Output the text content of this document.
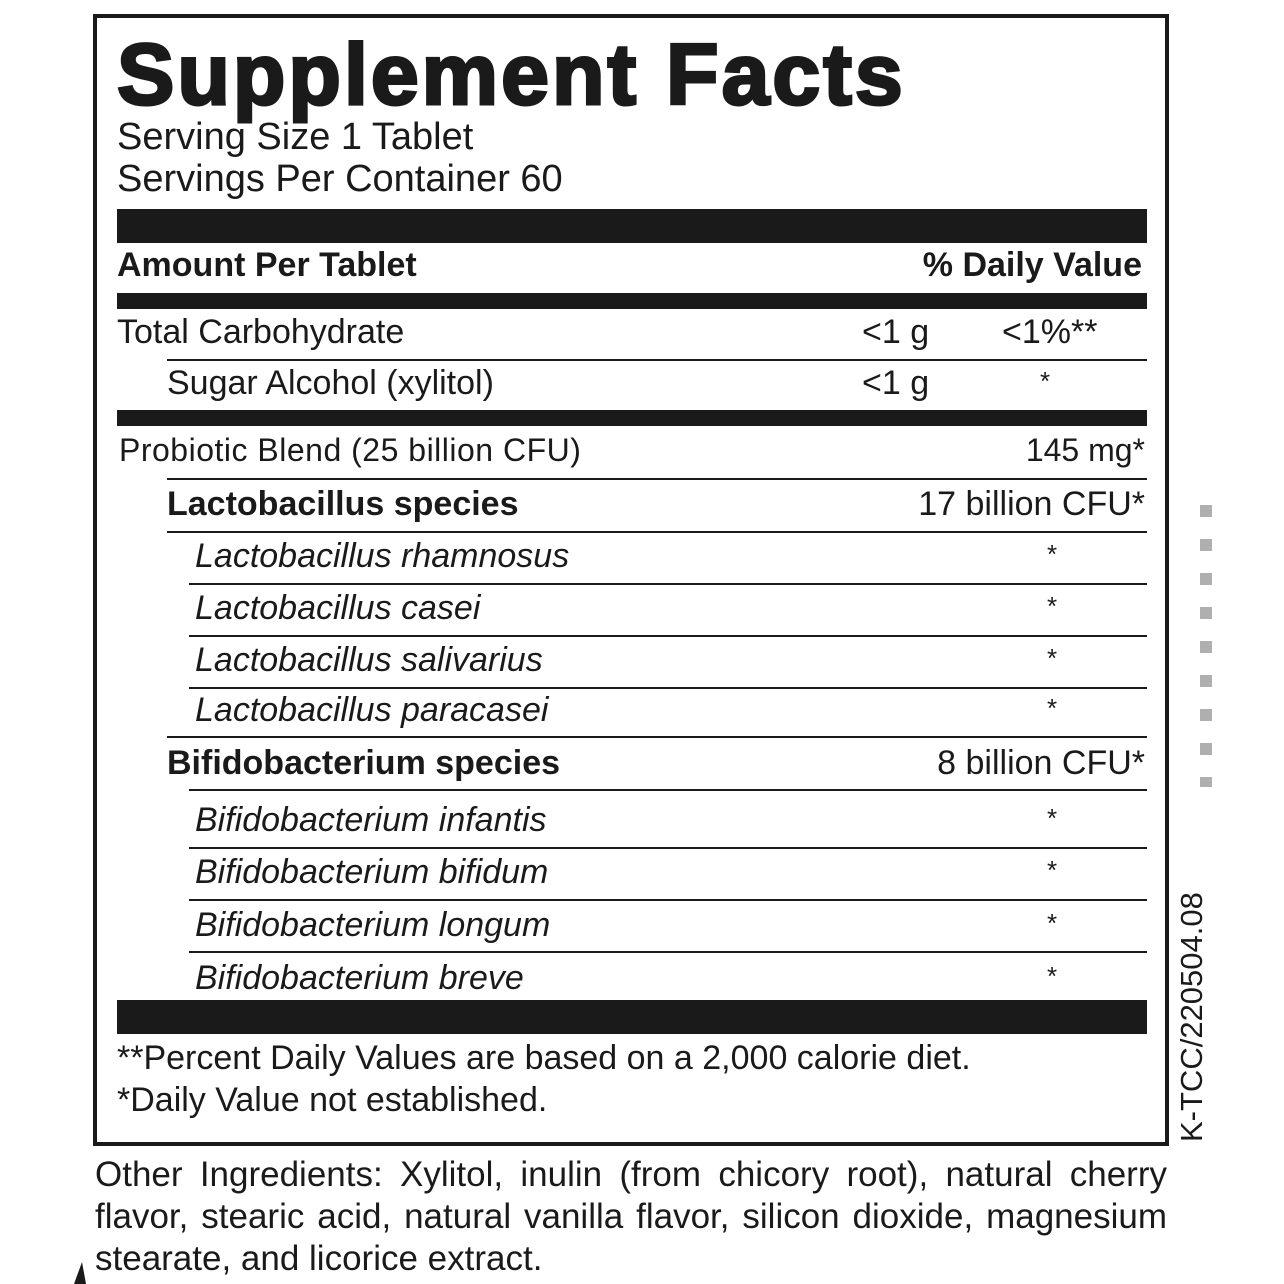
Supplement Facts
Serving Size 1 Tablet
Servings Per Container 60
Amount Per Tablet	% Daily Value
Total Carbohydrate	<1 g <1%**
Sugar Alcohol (xylitol)	<1 g	*
Probiotic Blend (25 billion CFU)	145 mg*
Lactobacillus species	17 billion CFU*
Lactobacillus rhamnosus	*
Lactobacillus casei	*
Lactobacillus salivarius	*
Lactobacillus paracasei	*
Bifidobacterium species	8 billion CFU*
Bifidobacterium infantis	*
Bifidobacterium bifidum	*
Bifidobacterium longum	*
Bifidobacterium breve	*
**Percent Daily Values are based on a 2,000 calorie diet.
*Daily Value not established.	K-TCC/220504.08
Other Ingredients: Xylitol, inulin (from chicory root), natural cherry flavor, stearic acid, natural vanilla flavor, silicon dioxide, magnesium stearate, and licorice extract.
